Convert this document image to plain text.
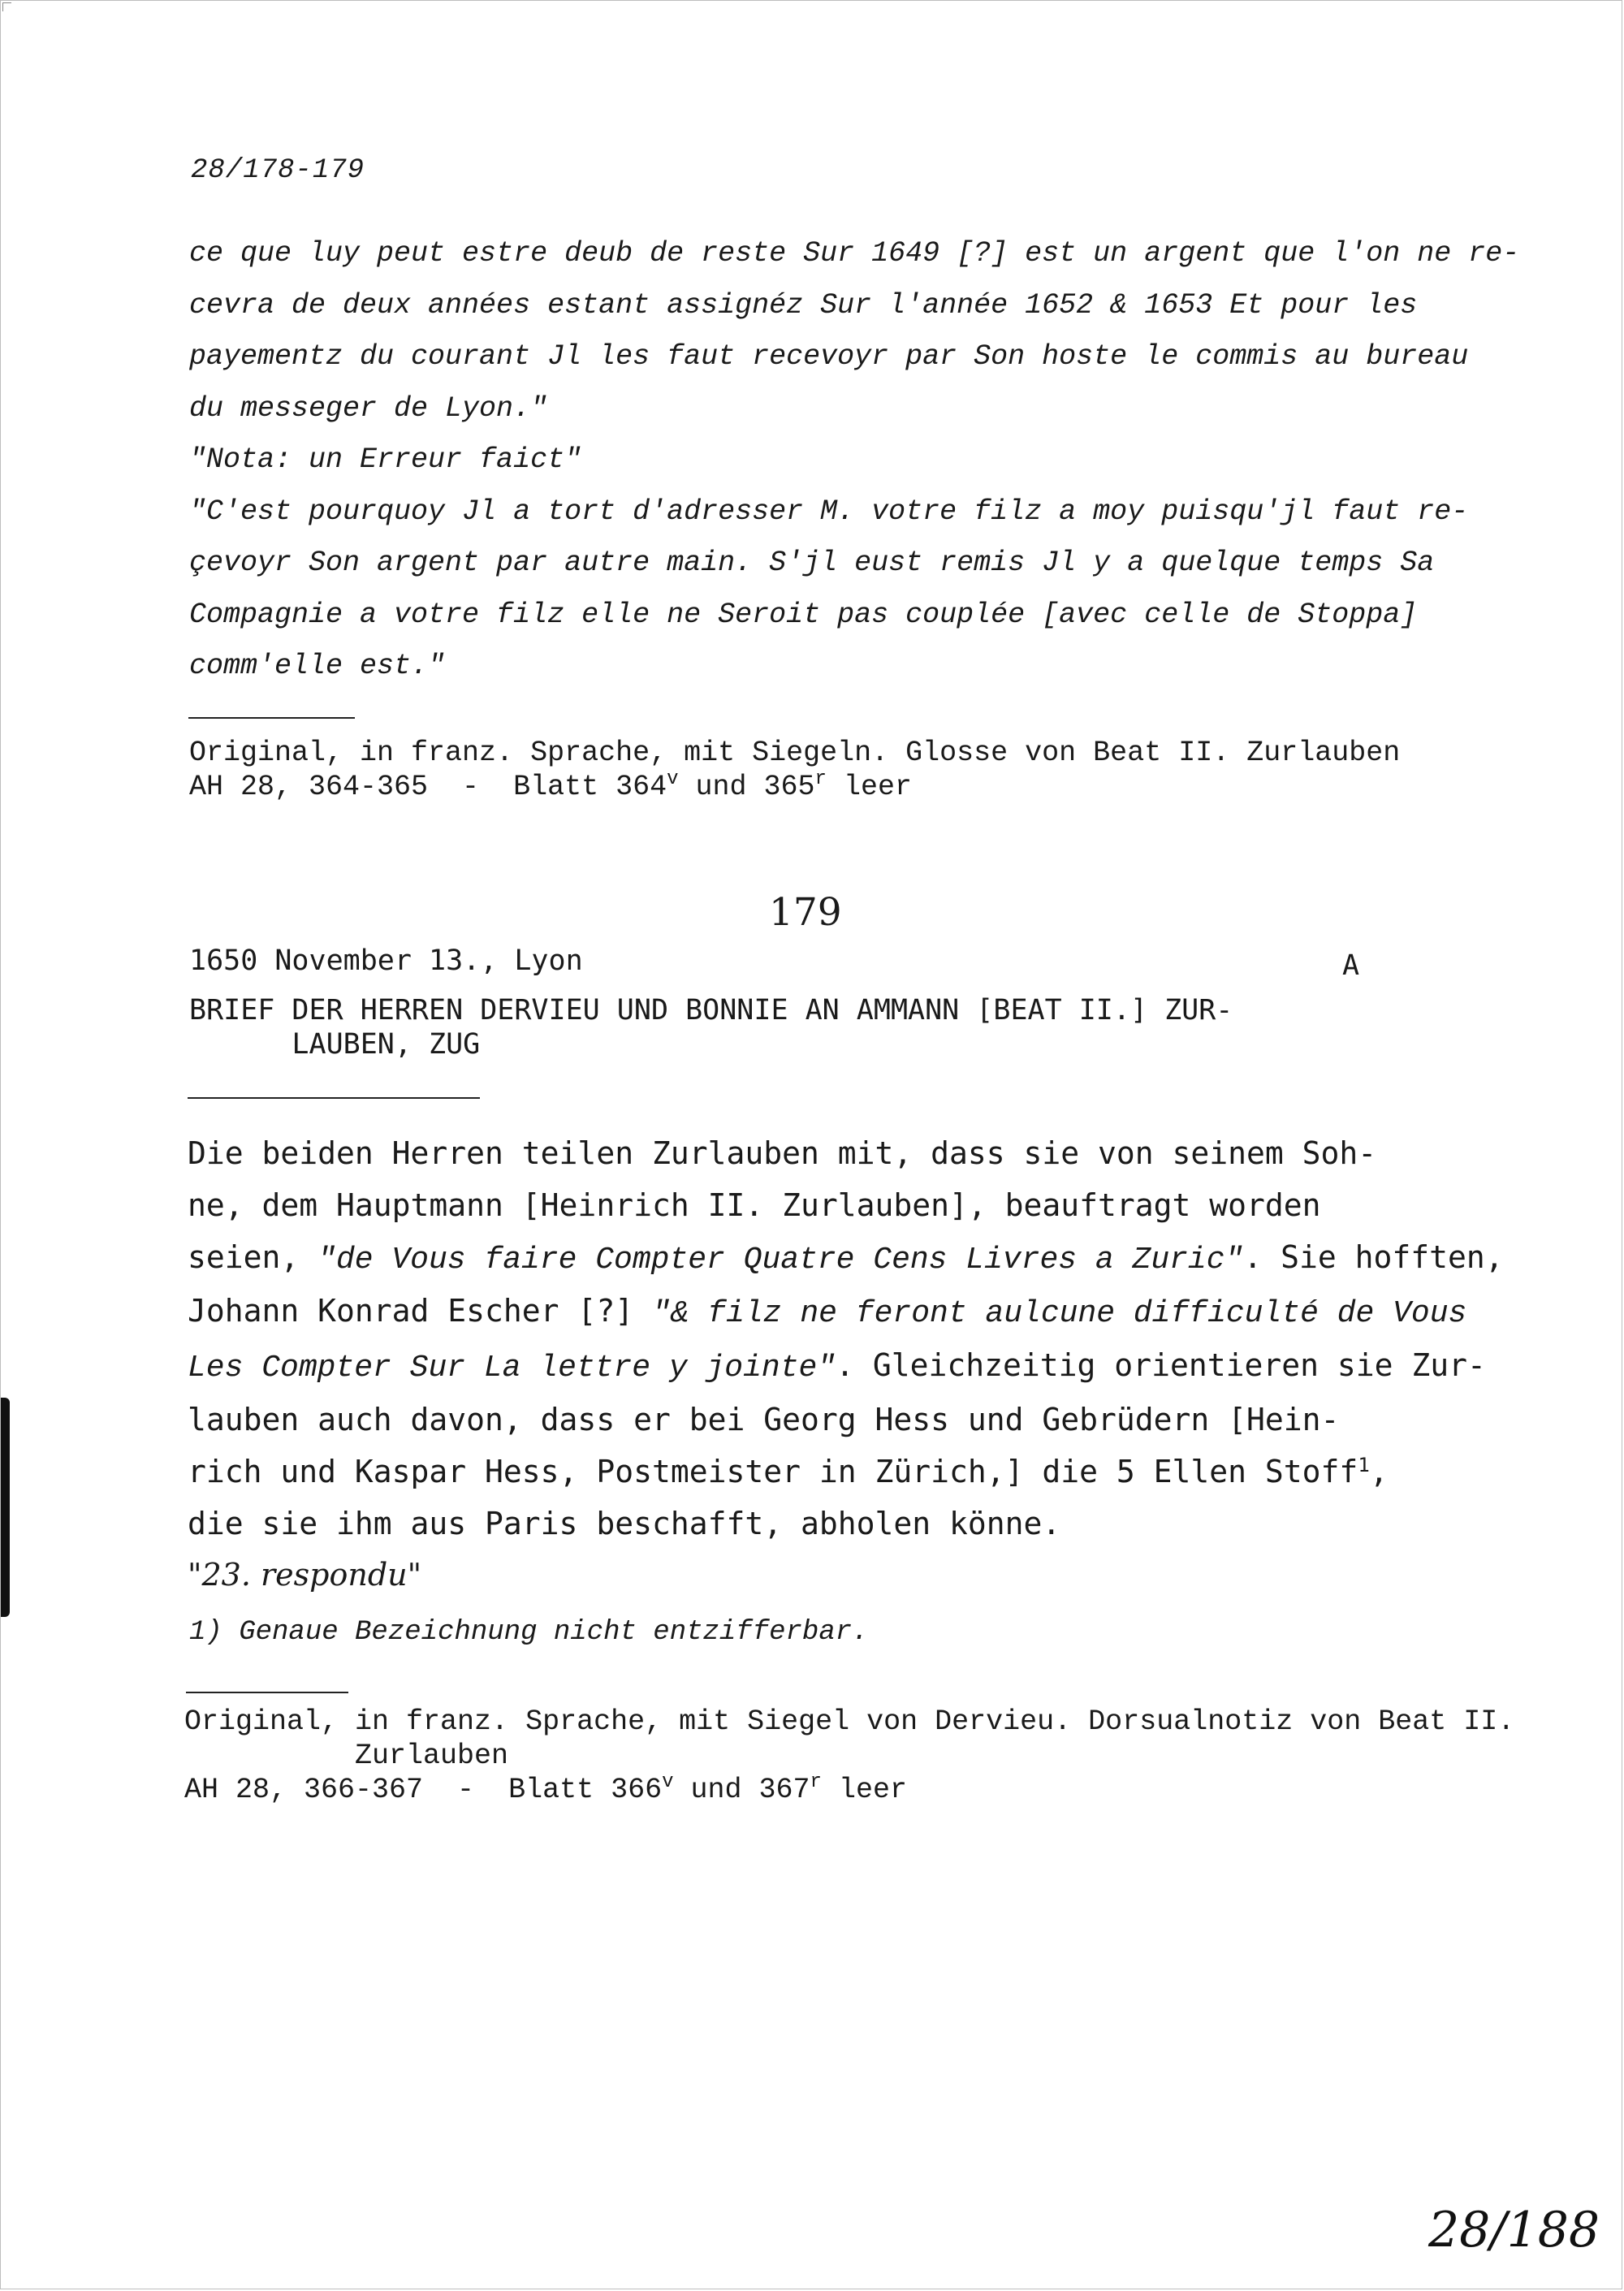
28/178-179
ce que luy peut estre deub de reste Sur 1649 [?] est un argent que l'on ne re-
cevra de deux années estant assignéz Sur l'année 1652 & 1653 Et pour les
payementz du courant Jl les faut recevoyr par Son hoste le commis au bureau
du messeger de Lyon."
"Nota: un Erreur faict"
"C'est pourquoy Jl a tort d'adresser M. votre filz a moy puisqu'jl faut re-
çevoyr Son argent par autre main. S'jl eust remis Jl y a quelque temps Sa
Compagnie a votre filz elle ne Seroit pas couplée [avec celle de Stoppa]
comm'elle est."
Original, in franz. Sprache, mit Siegeln. Glosse von Beat II. Zurlauben
AH 28, 364-365  -  Blatt 364$^v$ und 365$^r$ leer
179
1650 November 13., Lyon	A
BRIEF DER HERREN DERVIEU UND BONNIE AN AMMANN [BEAT II.] ZUR-
LAUBEN, ZUG
Die beiden Herren teilen Zurlauben mit, dass sie von seinem Soh-
ne, dem Hauptmann [Heinrich II. Zurlauben], beauftragt worden
seien, "de Vous faire Compter Quatre Cens Livres a Zuric". Sie hofften,
Johann Konrad Escher [?] "& filz ne feront aulcune difficulté de Vous
Les Compter Sur La lettre y jointe". Gleichzeitig orientieren sie Zur-
lauben auch davon, dass er bei Georg Hess und Gebrüdern [Hein-
rich und Kaspar Hess, Postmeister in Zürich,] die 5 Ellen Stoff$^1$,
die sie ihm aus Paris beschafft, abholen könne.
"23. respondu"
1) Genaue Bezeichnung nicht entzifferbar.
Original, in franz. Sprache, mit Siegel von Dervieu. Dorsualnotiz von Beat II.
Zurlauben
AH 28, 366-367  -  Blatt 366$^v$ und 367$^r$ leer
28/188
